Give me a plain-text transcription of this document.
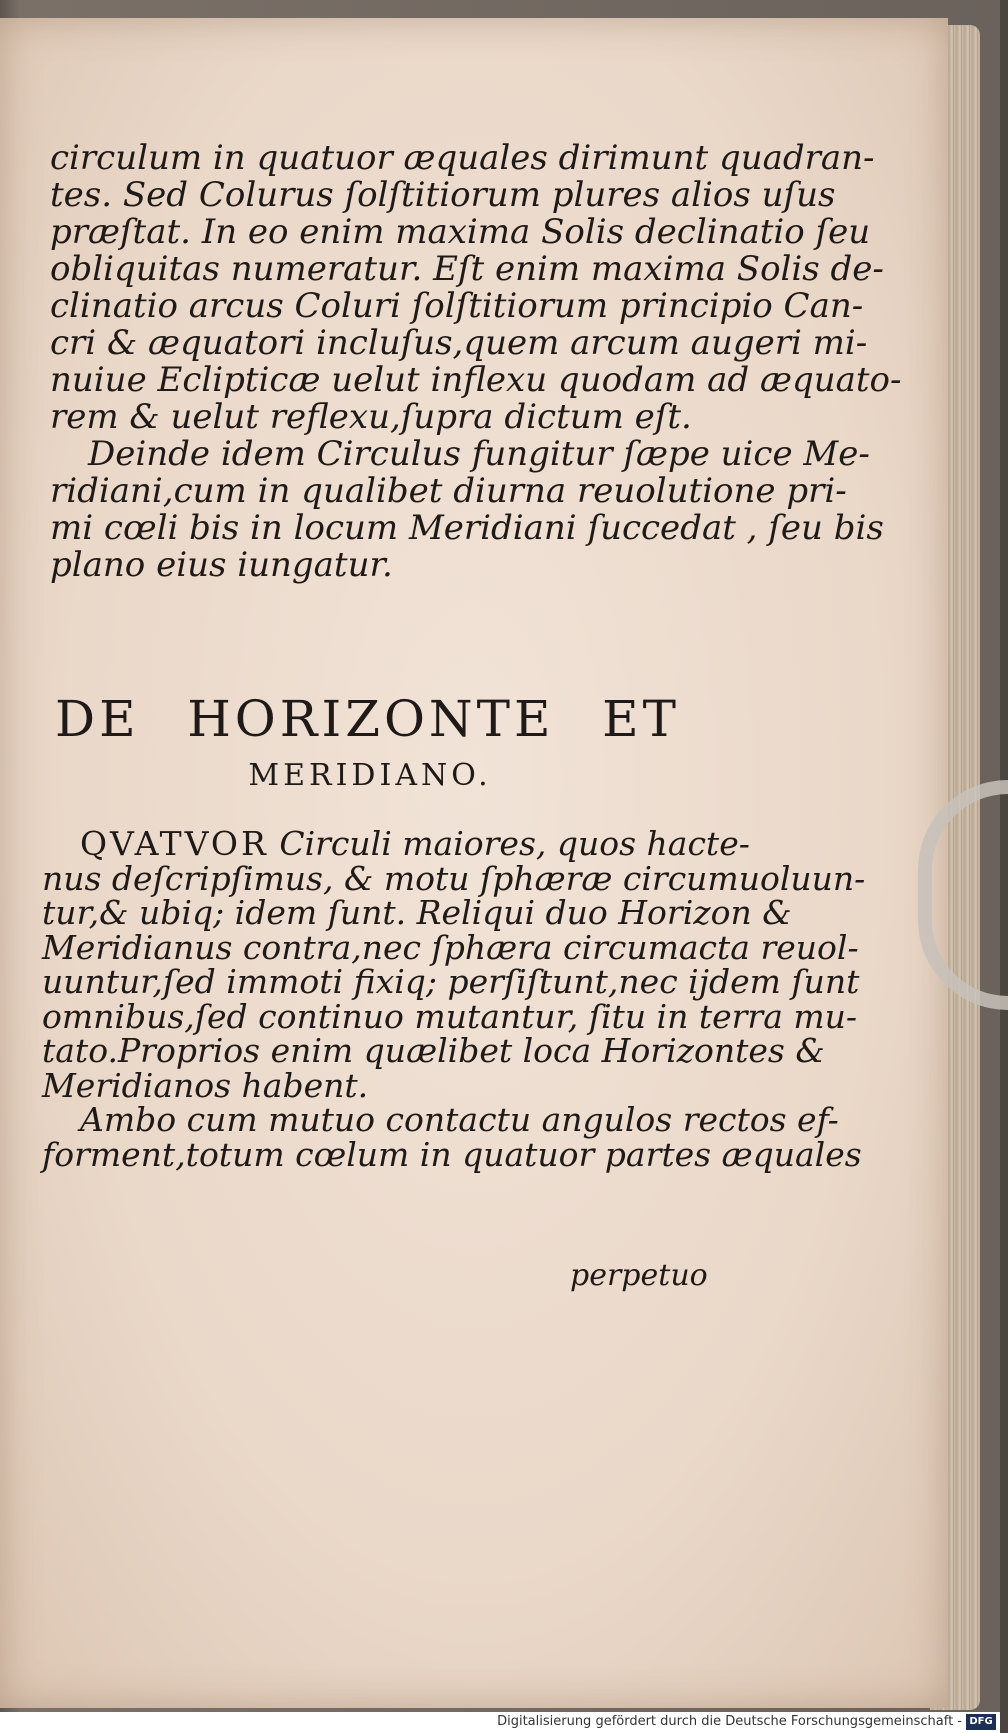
circulum in quatuor æquales dirimunt quadran-
tes. Sed Colurus ſolſtitiorum plures alios uſus
præſtat. In eo enim maxima Solis declinatio ſeu
obliquitas numeratur. Eſt enim maxima Solis de-
clinatio arcus Coluri ſolſtitiorum principio Can-
cri & æquatori incluſus,quem arcum augeri mi-
nuiue Eclipticæ uelut inflexu quodam ad æquato-
rem & uelut reflexu,ſupra dictum eſt.
Deinde idem Circulus fungitur ſæpe uice Me-
ridiani,cum in qualibet diurna reuolutione pri-
mi cœli bis in locum Meridiani ſuccedat , ſeu bis
plano eius iungatur.
DE HORIZONTE ET
MERIDIANO.
QVATVOR Circuli maiores, quos hacte-
nus deſcripſimus, & motu ſphæræ circumuoluun-
tur,& ubiq; idem ſunt. Reliqui duo Horizon &
Meridianus contra,nec ſphæra circumacta reuol-
uuntur,ſed immoti fixiq; perſiſtunt,nec ijdem ſunt
omnibus,ſed continuo mutantur, ſitu in terra mu-
tato.Proprios enim quælibet loca Horizontes &
Meridianos habent.
Ambo cum mutuo contactu angulos rectos ef-
forment,totum cœlum in quatuor partes æquales
perpetuo
Digitalisierung gefördert durch die Deutsche Forschungsgemeinschaft - DFG
